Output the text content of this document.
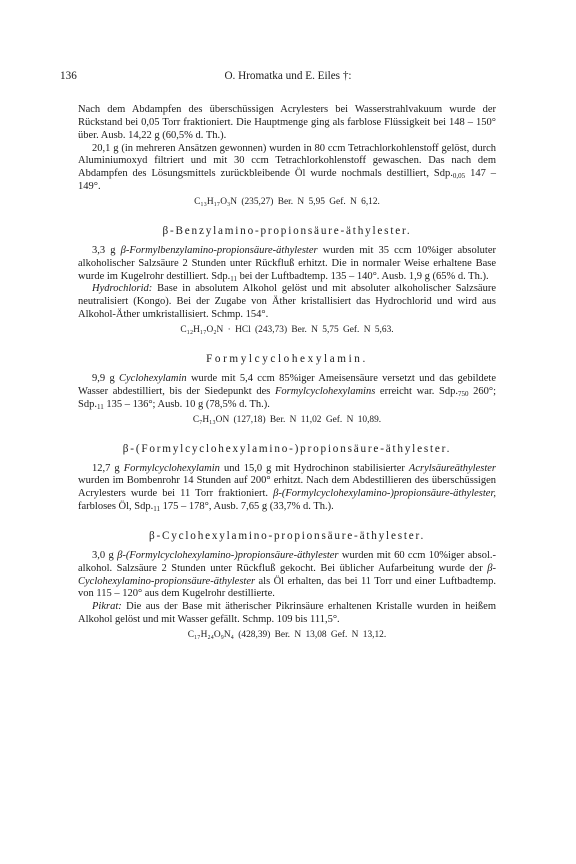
136	O. Hromatka und E. Eiles †:

Nach dem Abdampfen des überschüssigen Acrylesters bei Wasserstrahlvakuum wurde der Rückstand bei 0,05 Torr fraktioniert. Die Hauptmenge ging als farblose Flüssigkeit bei 148 – 150° über. Ausb. 14,22 g (60,5% d. Th.).

20,1 g (in mehreren Ansätzen gewonnen) wurden in 80 ccm Tetrachlorkohlenstoff gelöst, durch Aluminiumoxyd filtriert und mit 30 ccm Tetrachlorkohlenstoff gewaschen. Das nach dem Abdampfen des Lösungsmittels zurückbleibende Öl wurde nochmals destilliert, $Sdp._{0,05}$ 147 – 149°.

C₁₃H₁₇O₃N (235,27) Ber. N 5,95 Gef. N 6,12.

β-Benzylamino-propionsäure-äthylester.

3,3 g β-Formylbenzylamino-propionsäure-äthylester wurden mit 35 ccm 10%iger absoluter alkoholischer Salzsäure 2 Stunden unter Rückfluß erhitzt. Die in normaler Weise erhaltene Base wurde im Kugelrohr destilliert. $Sdp._{11}$ bei der Luftbadtemp. 135 – 140°. Ausb. 1,9 g (65% d. Th.).

Hydrochlorid: Base in absolutem Alkohol gelöst und mit absoluter alkoholischer Salzsäure neutralisiert (Kongo). Bei der Zugabe von Äther kristallisiert das Hydrochlorid und wird aus Alkohol-Äther umkristallisiert. Schmp. 154°.

C₁₂H₁₇O₂N · HCl (243,73) Ber. N 5,75 Gef. N 5,63.

Formylcyclohexylamin.

9,9 g Cyclohexylamin wurde mit 5,4 ccm 85%iger Ameisensäure versetzt und das gebildete Wasser abdestilliert, bis der Siedepunkt des Formylcyclohexylamins erreicht war. $Sdp._{750}$ 260°; $Sdp._{11}$ 135 – 136°; Ausb. 10 g (78,5% d. Th.).

C₇H₁₃ON (127,18) Ber. N 11,02 Gef. N 10,89.

β-(Formylcyclohexylamino-)propionsäure-äthylester.

12,7 g Formylcyclohexylamin und 15,0 g mit Hydrochinon stabilisierter Acrylsäureäthylester wurden im Bombenrohr 14 Stunden auf 200° erhitzt. Nach dem Abdestillieren des überschüssigen Acrylesters wurde bei 11 Torr fraktioniert. β-(Formylcyclohexylamino-)propionsäure-äthylester, farbloses Öl, $Sdp._{11}$ 175 – 178°, Ausb. 7,65 g (33,7% d. Th.).

β-Cyclohexylamino-propionsäure-äthylester.

3,0 g β-(Formylcyclohexylamino-)propionsäure-äthylester wurden mit 60 ccm 10%iger absol.-alkohol. Salzsäure 2 Stunden unter Rückfluß gekocht. Bei üblicher Aufarbeitung wurde der β-Cyclohexylamino-propionsäure-äthylester als Öl erhalten, das bei 11 Torr und einer Luftbadtemp. von 115 – 120° aus dem Kugelrohr destillierte.

Pikrat: Die aus der Base mit ätherischer Pikrinsäure erhaltenen Kristalle wurden in heißem Alkohol gelöst und mit Wasser gefällt. Schmp. 109 bis 111,5°.

C₁₇H₂₄O₉N₄ (428,39) Ber. N 13,08 Gef. N 13,12.
